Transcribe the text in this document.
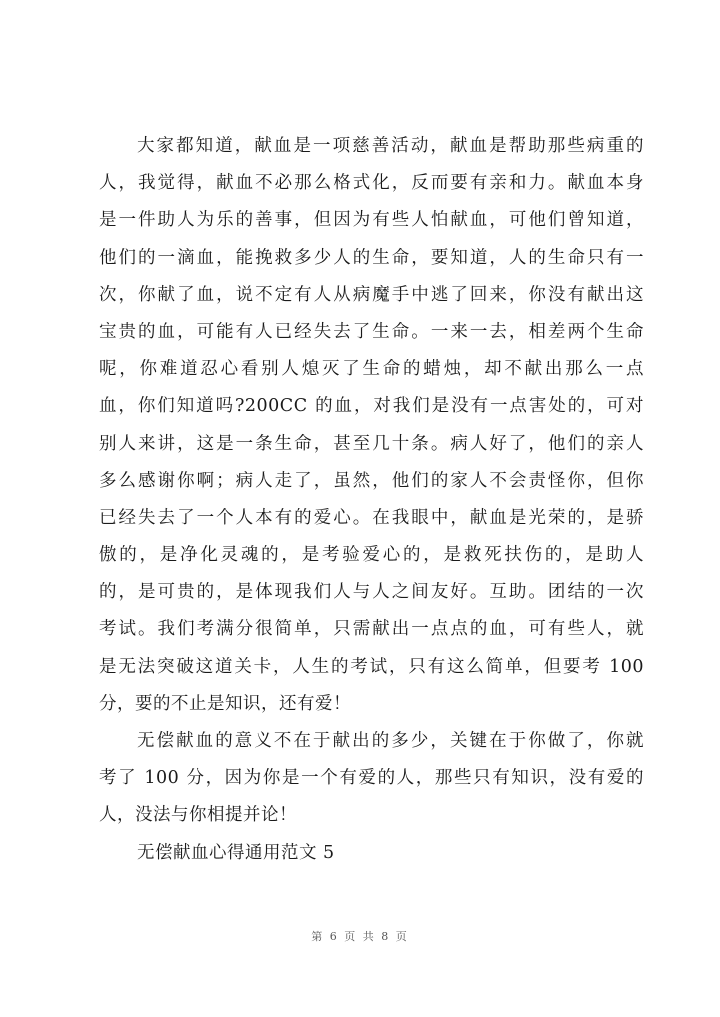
大家都知道，献血是一项慈善活动，献血是帮助那些病重的
人，我觉得，献血不必那么格式化，反而要有亲和力。献血本身
是一件助人为乐的善事，但因为有些人怕献血，可他们曾知道，
他们的一滴血，能挽救多少人的生命，要知道，人的生命只有一
次，你献了血，说不定有人从病魔手中逃了回来，你没有献出这
宝贵的血，可能有人已经失去了生命。一来一去，相差两个生命
呢，你难道忍心看别人熄灭了生命的蜡烛，却不献出那么一点
血，你们知道吗?200CC 的血，对我们是没有一点害处的，可对
别人来讲，这是一条生命，甚至几十条。病人好了，他们的亲人
多么感谢你啊；病人走了，虽然，他们的家人不会责怪你，但你
已经失去了一个人本有的爱心。在我眼中，献血是光荣的，是骄
傲的，是净化灵魂的，是考验爱心的，是救死扶伤的，是助人
的，是可贵的，是体现我们人与人之间友好。互助。团结的一次
考试。我们考满分很简单，只需献出一点点的血，可有些人，就
是无法突破这道关卡，人生的考试，只有这么简单，但要考 100
分，要的不止是知识，还有爱！
无偿献血的意义不在于献出的多少，关键在于你做了，你就
考了 100 分，因为你是一个有爱的人，那些只有知识，没有爱的
人，没法与你相提并论！
无偿献血心得通用范文 5
第 6 页 共 8 页
